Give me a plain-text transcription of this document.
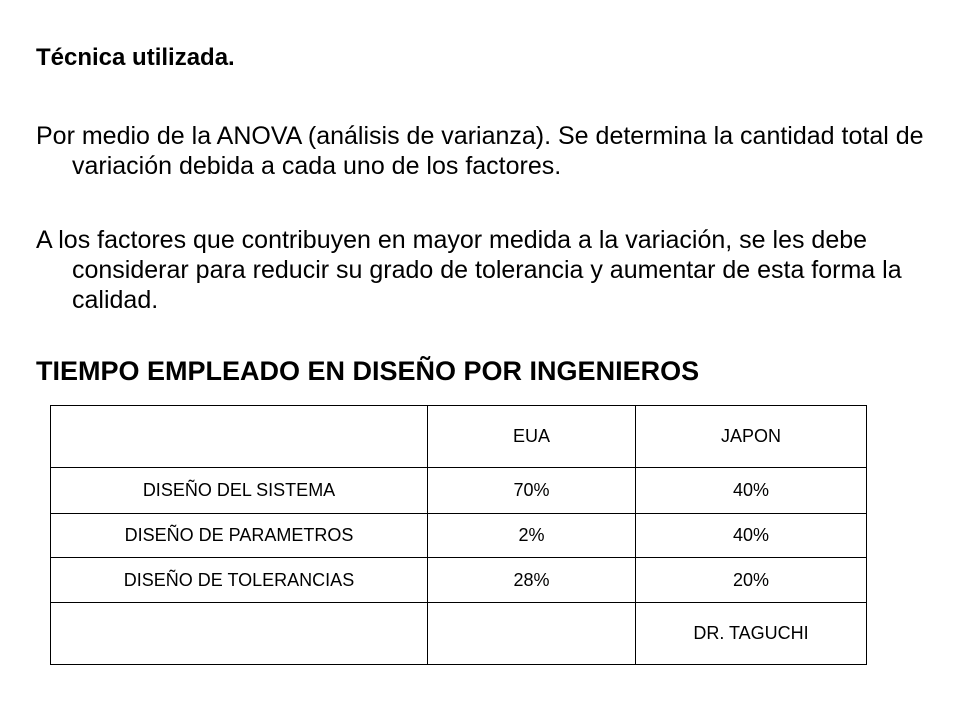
Técnica utilizada.

Por medio de la ANOVA (análisis de varianza). Se determina la cantidad total de variación debida a cada uno de los factores.

A los factores que contribuyen en mayor medida a la variación, se les debe considerar para reducir su grado de tolerancia y aumentar de esta forma la calidad.

TIEMPO EMPLEADO EN DISEÑO POR INGENIEROS
	EUA	JAPON
DISEÑO DEL SISTEMA	70%	40%
DISEÑO DE PARAMETROS	2%	40%
DISEÑO DE TOLERANCIAS	28%	20%
		DR. TAGUCHI
